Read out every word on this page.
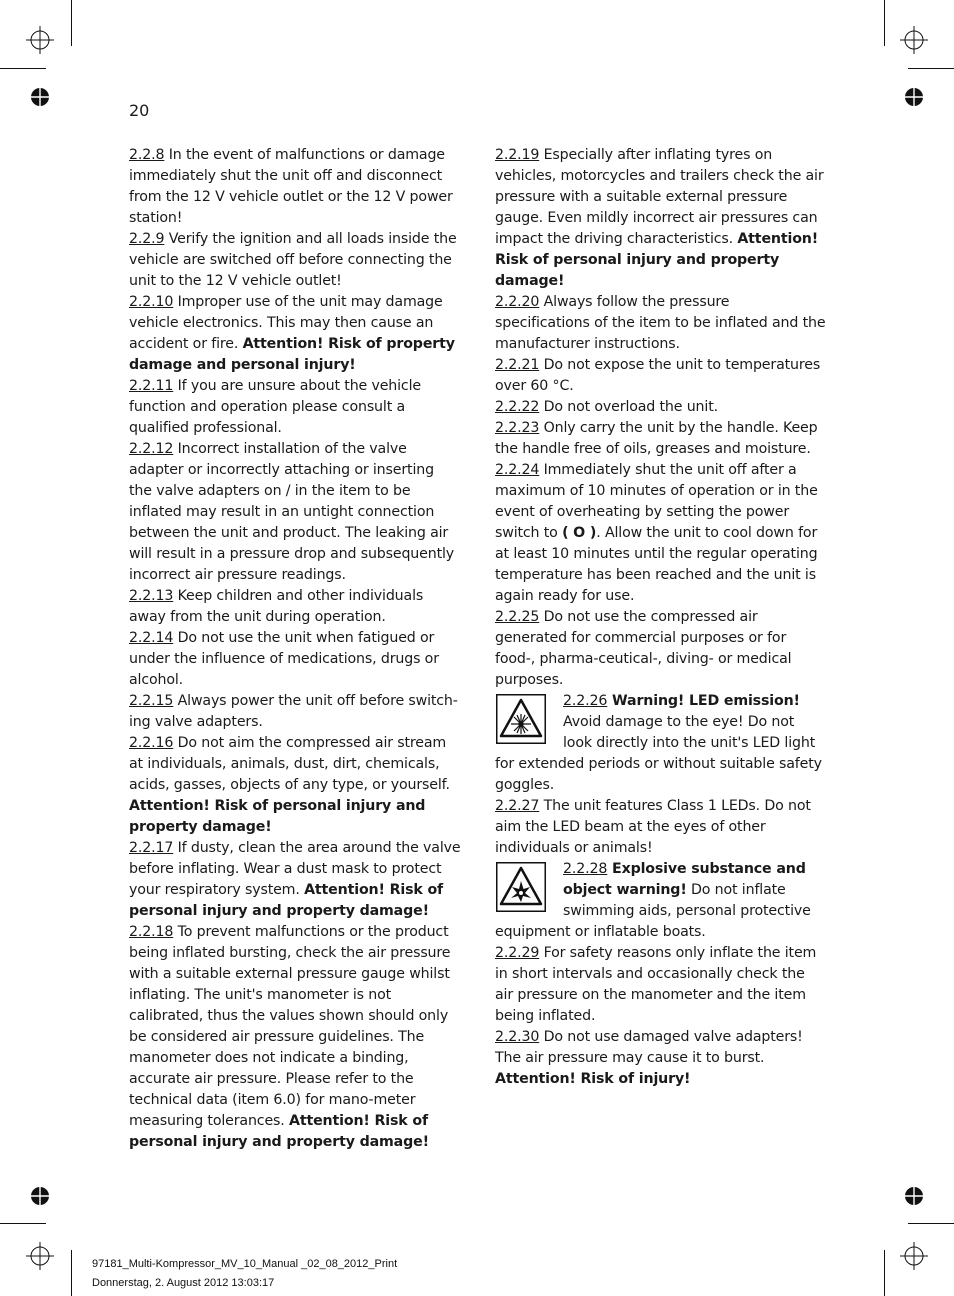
20

2.2.8 In the event of malfunctions or damage immediately shut the unit off and disconnect from the 12 V vehicle outlet or the 12 V power station!

2.2.9 Verify the ignition and all loads inside the vehicle are switched off before connecting the unit to the 12 V vehicle outlet!

2.2.10 Improper use of the unit may damage vehicle electronics. This may then cause an accident or fire. Attention! Risk of property damage and personal injury!

2.2.11 If you are unsure about the vehicle function and operation please consult a qualified professional.

2.2.12 Incorrect installation of the valve adapter or incorrectly attaching or inserting the valve adapters on / in the item to be inflated may result in an untight connection between the unit and product. The leaking air will result in a pressure drop and subsequently incorrect air pressure readings.

2.2.13 Keep children and other individuals away from the unit during operation.

2.2.14 Do not use the unit when fatigued or under the influence of medications, drugs or alcohol.

2.2.15 Always power the unit off before switch-ing valve adapters.

2.2.16 Do not aim the compressed air stream at individuals, animals, dust, dirt, chemicals, acids, gasses, objects of any type, or yourself. Attention! Risk of personal injury and property damage!

2.2.17 If dusty, clean the area around the valve before inflating. Wear a dust mask to protect your respiratory system. Attention! Risk of personal injury and property damage!

2.2.18 To prevent malfunctions or the product being inflated bursting, check the air pressure with a suitable external pressure gauge whilst inflating. The unit's manometer is not calibrated, thus the values shown should only be considered air pressure guidelines. The manometer does not indicate a binding, accurate air pressure. Please refer to the technical data (item 6.0) for mano-meter measuring tolerances. Attention! Risk of personal injury and property damage!

2.2.19 Especially after inflating tyres on vehicles, motorcycles and trailers check the air pressure with a suitable external pressure gauge. Even mildly incorrect air pressures can impact the driving characteristics. Attention! Risk of personal injury and property damage!

2.2.20 Always follow the pressure specifications of the item to be inflated and the manufacturer instructions.

2.2.21 Do not expose the unit to temperatures over 60 °C.

2.2.22 Do not overload the unit.

2.2.23 Only carry the unit by the handle. Keep the handle free of oils, greases and moisture.

2.2.24 Immediately shut the unit off after a maximum of 10 minutes of operation or in the event of overheating by setting the power switch to ( O ). Allow the unit to cool down for at least 10 minutes until the regular operating temperature has been reached and the unit is again ready for use.

2.2.25 Do not use the compressed air generated for commercial purposes or for food-, pharma-ceutical-, diving- or medical purposes.

2.2.26 Warning! LED emission! Avoid damage to the eye! Do not look directly into the unit's LED light for extended periods or without suitable safety goggles.

2.2.27 The unit features Class 1 LEDs. Do not aim the LED beam at the eyes of other individuals or animals!

2.2.28 Explosive substance and object warning! Do not inflate swimming aids, personal protective equipment or inflatable boats.

2.2.29 For safety reasons only inflate the item in short intervals and occasionally check the air pressure on the manometer and the item being inflated.

2.2.30 Do not use damaged valve adapters! The air pressure may cause it to burst. Attention! Risk of injury!

97181_Multi-Kompressor_MV_10_Manual _02_08_2012_Print
Donnerstag, 2. August 2012 13:03:17
